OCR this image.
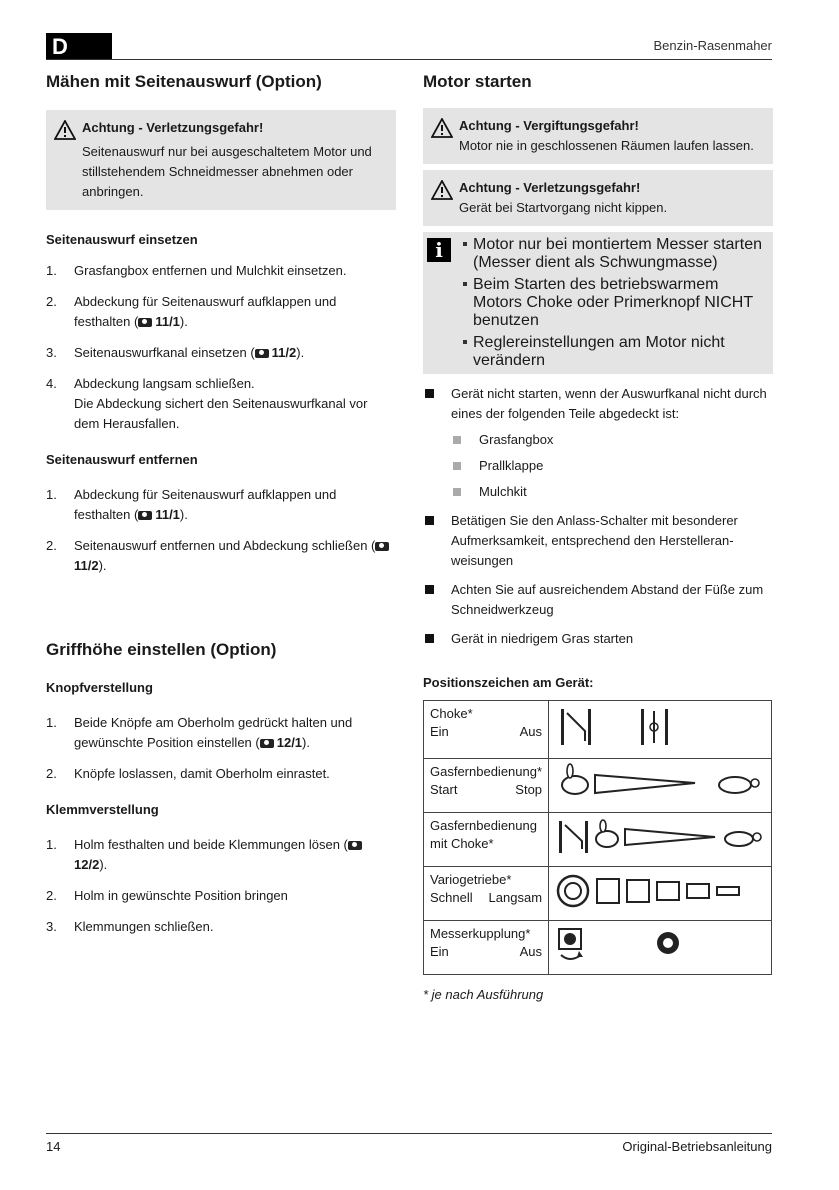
D	Benzin-Rasenmaher
Mähen mit Seitenauswurf (Option)
Achtung - Verletzungsgefahr!
Seitenauswurf nur bei ausgeschaltetem Motor und stillstehendem Schneidmesser abnehmen oder anbringen.
Seitenauswurf einsetzen
1. Grasfangbox entfernen und Mulchkit einsetzen.
2. Abdeckung für Seitenauswurf aufklappen und festhalten ( 11/1).
3. Seitenauswurfkanal einsetzen ( 11/2).
4. Abdeckung langsam schließen.
Die Abdeckung sichert den Seitenauswurfkanal vor dem Herausfallen.
Seitenauswurf entfernen
1. Abdeckung für Seitenauswurf aufklappen und festhalten ( 11/1).
2. Seitenauswurf entfernen und Abdeckung schließen (11/2).
Griffhöhe einstellen (Option)
Knopfverstellung
1. Beide Knöpfe am Oberholm gedrückt halten und gewünschte Position einstellen ( 12/1).
2. Knöpfe loslassen, damit Oberholm einrastet.
Klemmverstellung
1. Holm festhalten und beide Klemmungen lösen (12/2).
2. Holm in gewünschte Position bringen
3. Klemmungen schließen.
Motor starten
Achtung - Vergiftungsgefahr!
Motor nie in geschlossenen Räumen laufen lassen.
Achtung - Verletzungsgefahr!
Gerät bei Startvorgang nicht kippen.
i	Motor nur bei montiertem Messer starten (Messer dient als Schwungmasse)
Beim Starten des betriebswarmem Motors Choke oder Primerknopf NICHT benutzen
Reglereinstellungen am Motor nicht verändern
Gerät nicht starten, wenn der Auswurfkanal nicht durch eines der folgenden Teile abgedeckt ist:
Grasfangbox
Prallklappe
Mulchkit
Betätigen Sie den Anlass-Schalter mit besonderer Aufmerksamkeit, entsprechend den Herstelleran-weisungen
Achten Sie auf ausreichendem Abstand der Füße zum Schneidwerkzeug
Gerät in niedrigem Gras starten
Positionszeichen am Gerät:
Choke*
Ein Aus

Gasfernbedienung*
Start Stop

Gasfernbedienung
mit Choke*

Variogetriebe*
Schnell Langsam

Messerkupplung*
Ein Aus

* je nach Ausführung
14	Original-Betriebsanleitung
